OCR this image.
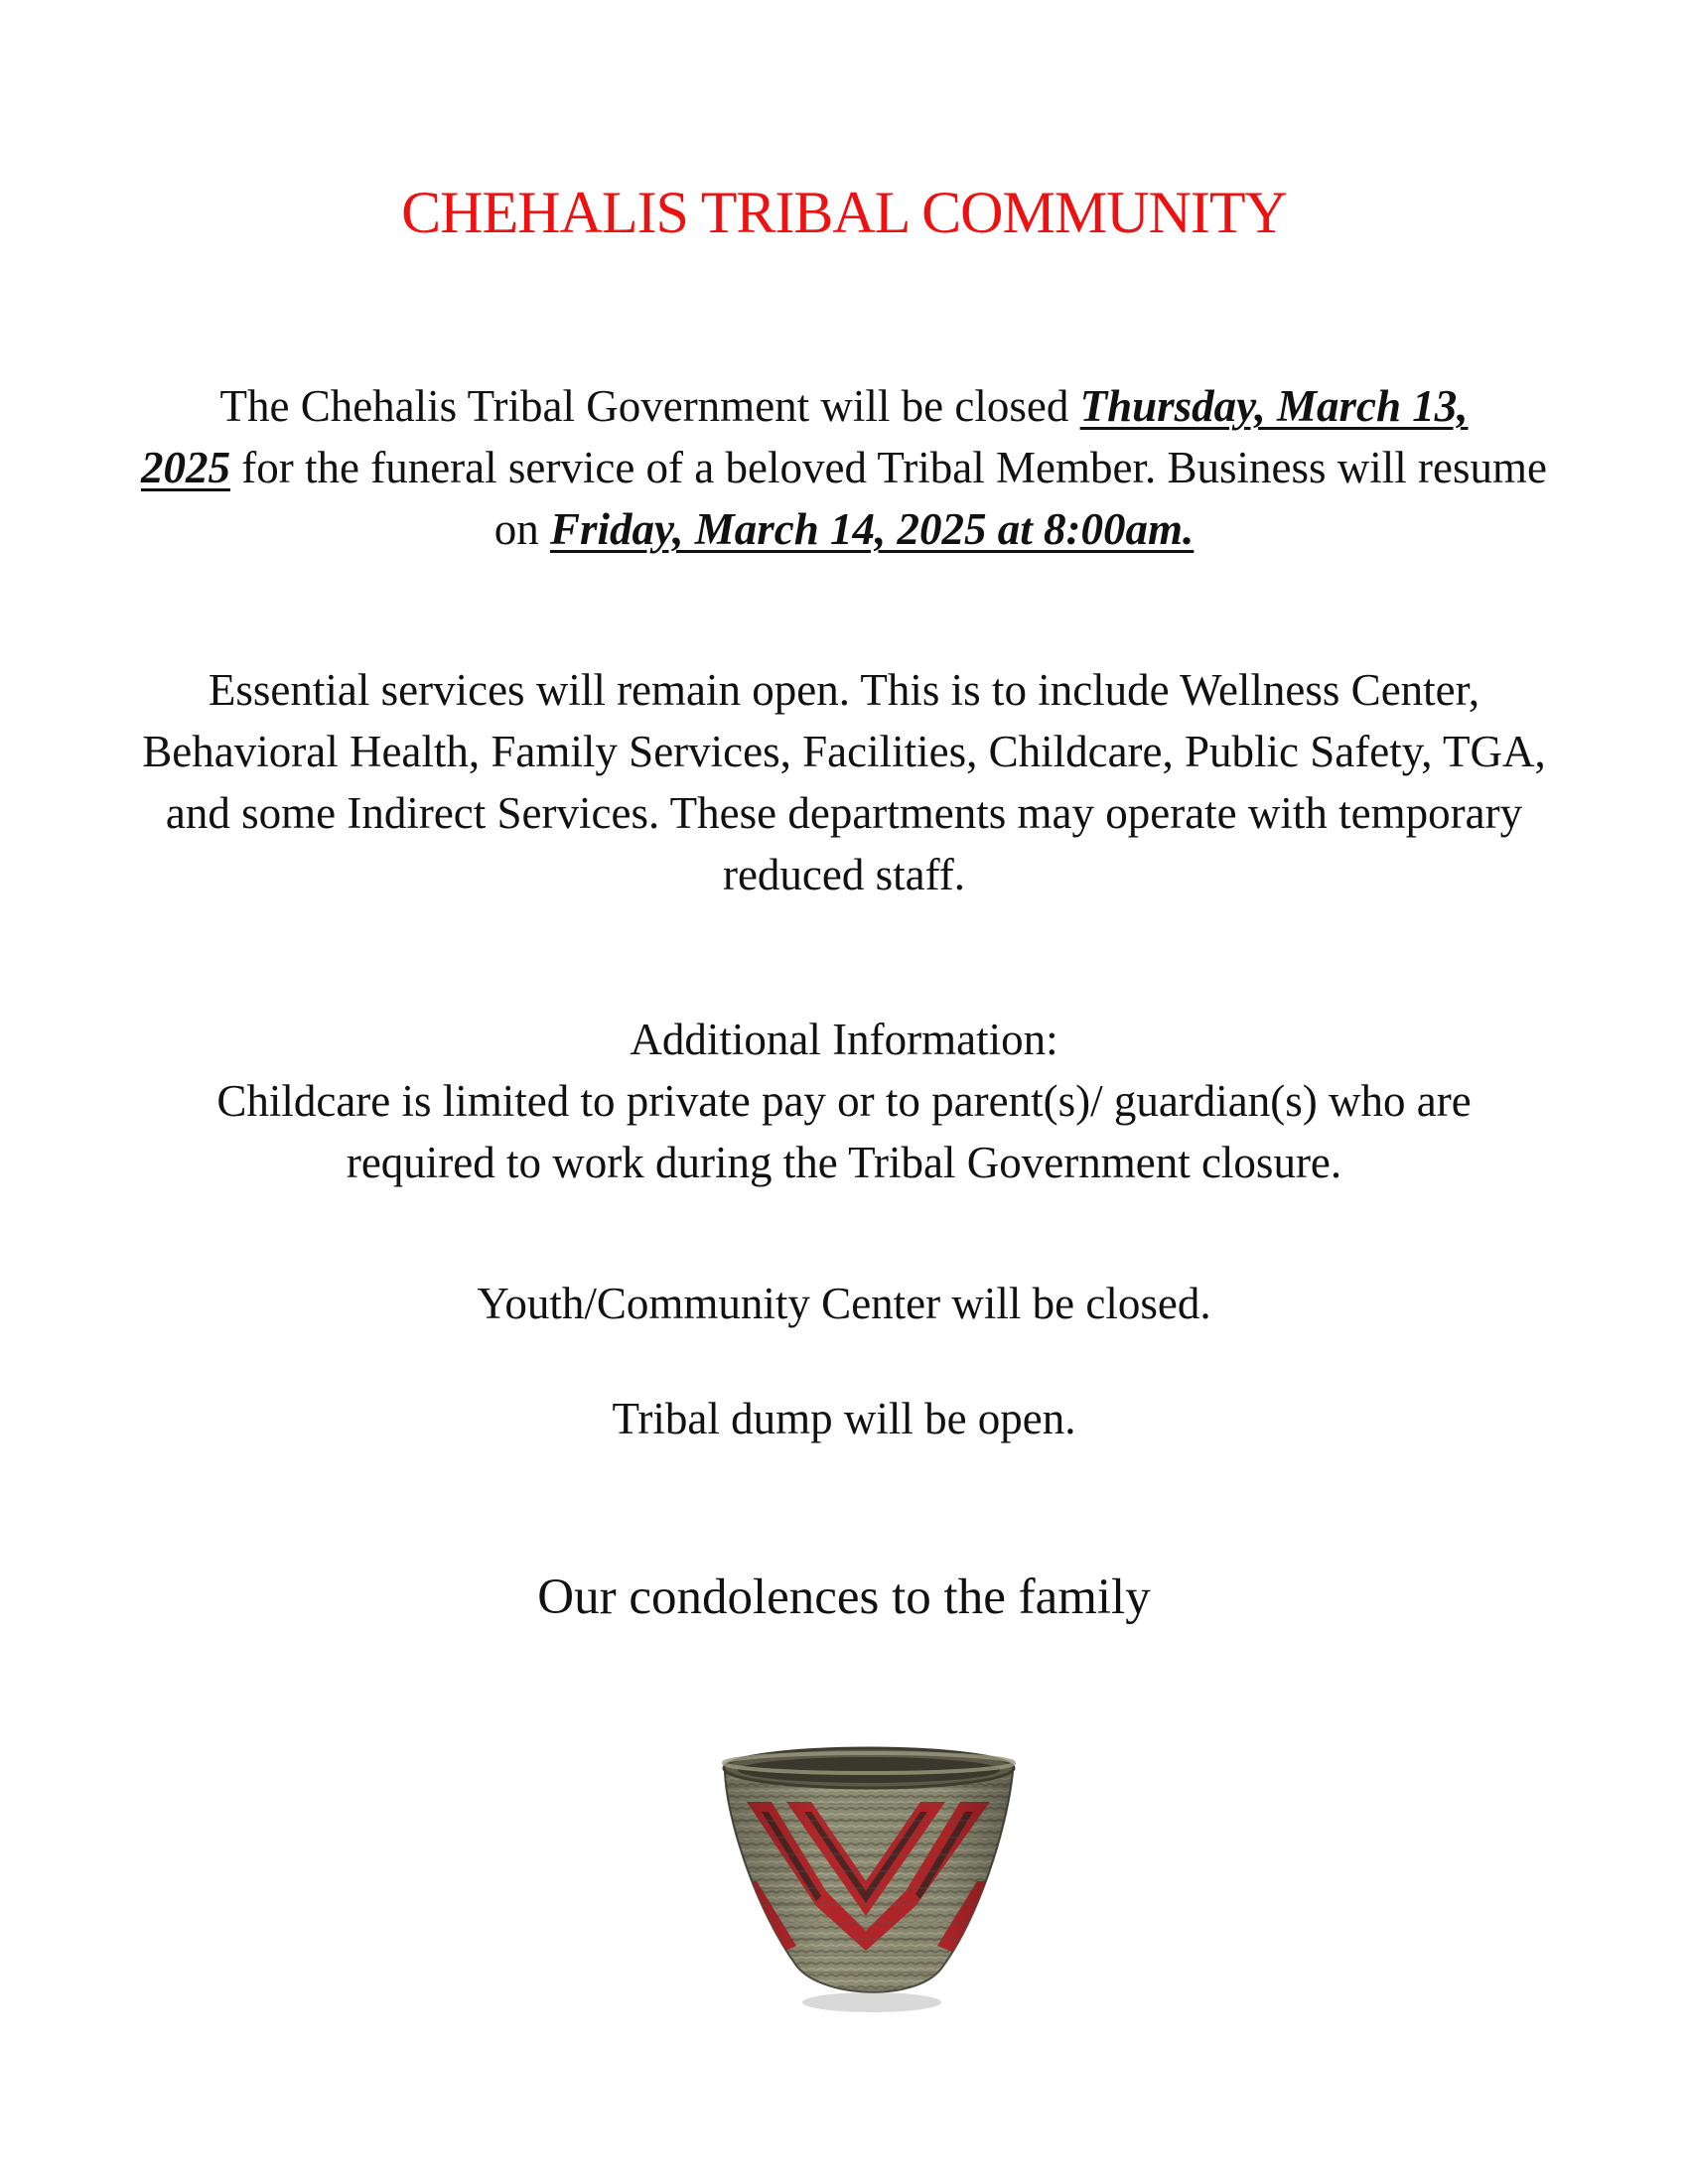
CHEHALIS TRIBAL COMMUNITY
The Chehalis Tribal Government will be closed Thursday, March 13,
2025 for the funeral service of a beloved Tribal Member. Business will resume on Friday, March 14, 2025 at 8:00am.
Essential services will remain open. This is to include Wellness Center, Behavioral Health, Family Services, Facilities, Childcare, Public Safety, TGA, and some Indirect Services. These departments may operate with temporary reduced staff.
Additional Information:
Childcare is limited to private pay or to parent(s)/ guardian(s) who are required to work during the Tribal Government closure.
Youth/Community Center will be closed.
Tribal dump will be open.
Our condolences to the family
